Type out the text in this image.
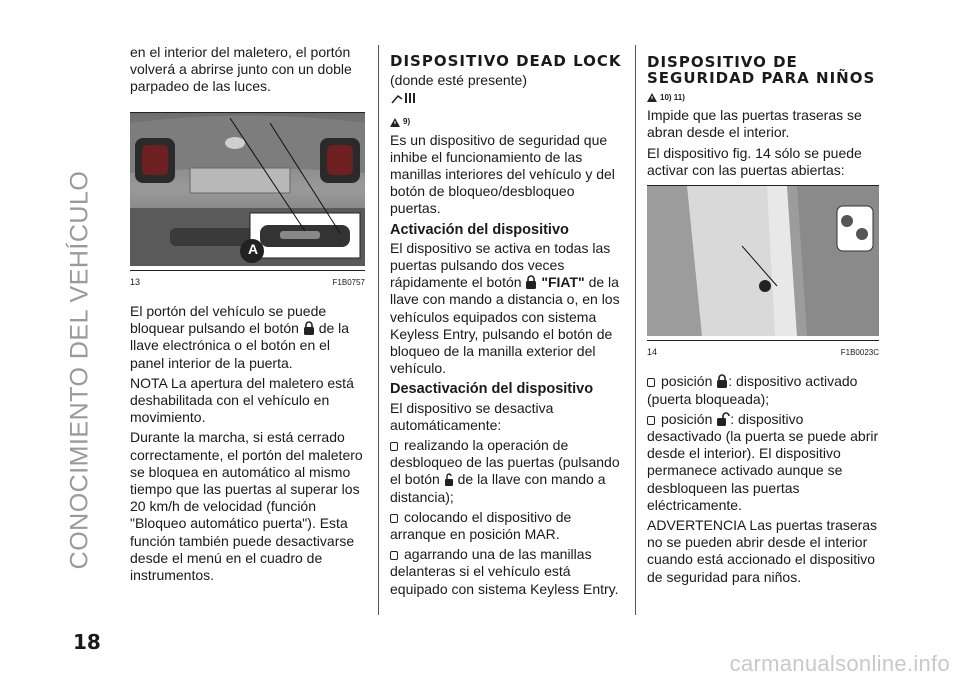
CONOCIMIENTO DEL VEHÍCULO
18

en el interior del maletero, el portón volverá a abrirse junto con un doble parpadeo de las luces.

A
13	F1B0757

El portón del vehículo se puede bloquear pulsando el botón de la llave electrónica o el botón en el panel interior de la puerta.

NOTA La apertura del maletero está deshabilitada con el vehículo en movimiento.

Durante la marcha, si está cerrado correctamente, el portón del maletero se bloquea en automático al mismo tiempo que las puertas al superar los 20 km/h de velocidad (función "Bloqueo automático puerta"). Esta función también puede desactivarse desde el menú en el cuadro de instrumentos.

DISPOSITIVO DEAD LOCK
(donde esté presente)
9)

Es un dispositivo de seguridad que inhibe el funcionamiento de las manillas interiores del vehículo y del botón de bloqueo/desbloqueo puertas.

Activación del dispositivo

El dispositivo se activa en todas las puertas pulsando dos veces rápidamente el botón "FIAT" de la llave con mando a distancia o, en los vehículos equipados con sistema Keyless Entry, pulsando el botón de bloqueo de la manilla exterior del vehículo.

Desactivación del dispositivo

El dispositivo se desactiva automáticamente:

realizando la operación de desbloqueo de las puertas (pulsando el botón de la llave con mando a distancia);

colocando el dispositivo de arranque en posición MAR.

agarrando una de las manillas delanteras si el vehículo está equipado con sistema Keyless Entry.

DISPOSITIVO DE SEGURIDAD PARA NIÑOS
10) 11)

Impide que las puertas traseras se abran desde el interior.

El dispositivo fig. 14 sólo se puede activar con las puertas abiertas:

14	F1B0023C

posición : dispositivo activado (puerta bloqueada);

posición : dispositivo desactivado (la puerta se puede abrir desde el interior). El dispositivo permanece activado aunque se desbloqueen las puertas eléctricamente.

ADVERTENCIA Las puertas traseras no se pueden abrir desde el interior cuando está accionado el dispositivo de seguridad para niños.

carmanualsonline.info
